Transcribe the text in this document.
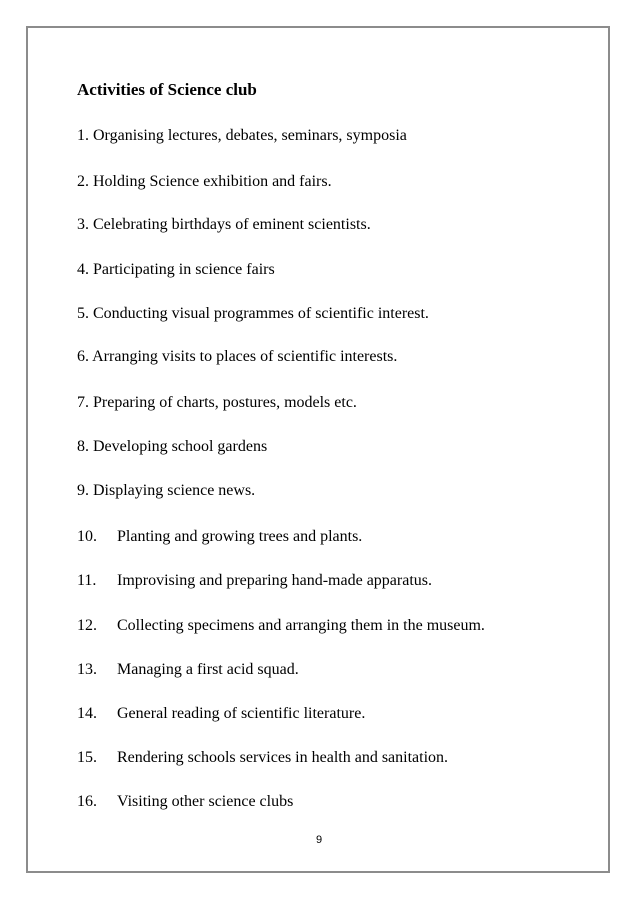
Activities of Science club
1. Organising lectures, debates, seminars, symposia
2. Holding Science exhibition and fairs.
3. Celebrating birthdays of eminent scientists.
4. Participating in science fairs
5. Conducting visual programmes of scientific interest.
6. Arranging visits to places of scientific interests.
7. Preparing of charts, postures, models etc.
8. Developing school gardens
9. Displaying science news.
10. Planting and growing trees and plants.
11. Improvising and preparing hand-made apparatus.
12. Collecting specimens and arranging them in the museum.
13. Managing a first acid squad.
14. General reading of scientific literature.
15. Rendering schools services in health and sanitation.
16. Visiting other science clubs
9
